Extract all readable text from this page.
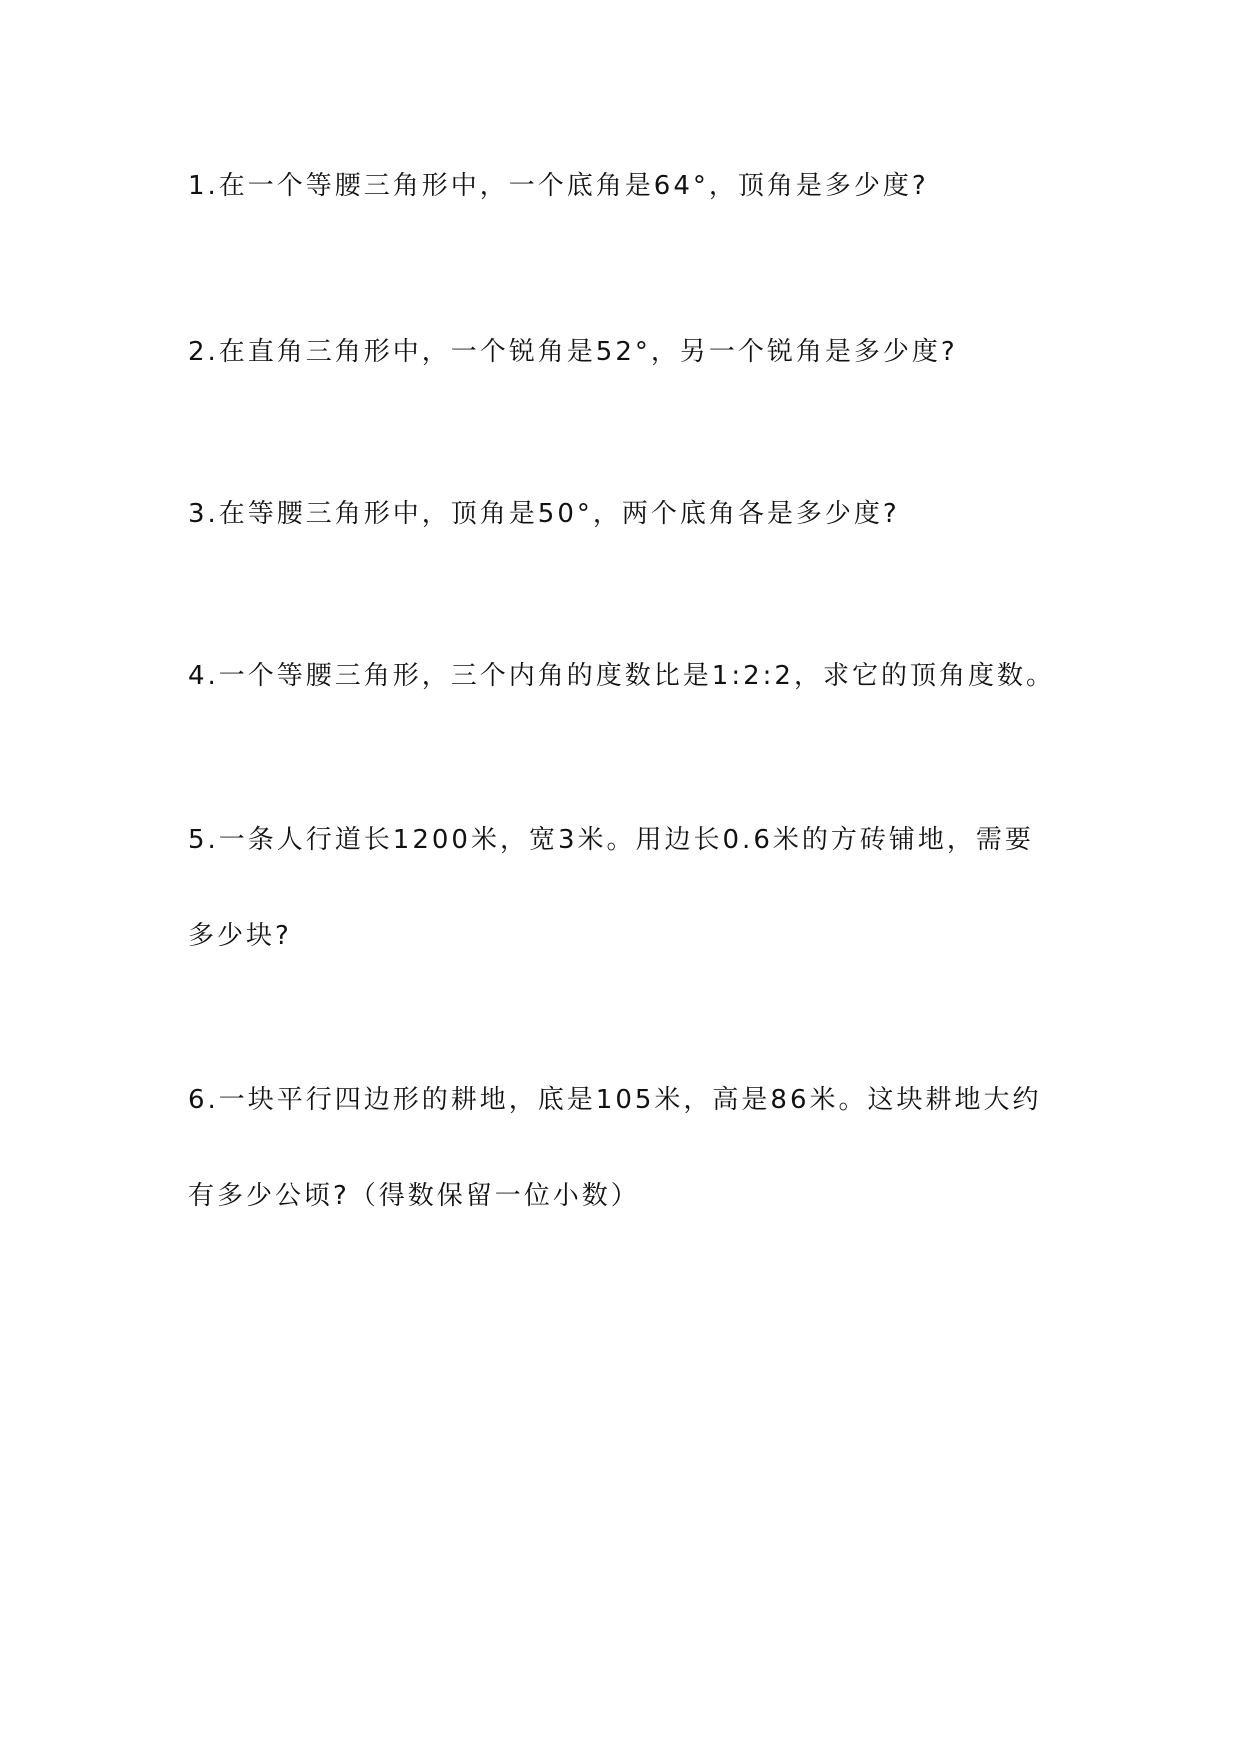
1.在一个等腰三角形中，一个底角是64°，顶角是多少度?
2.在直角三角形中，一个锐角是52°，另一个锐角是多少度?
3.在等腰三角形中，顶角是50°，两个底角各是多少度?
4.一个等腰三角形，三个内角的度数比是1:2:2，求它的顶角度数。
5.一条人行道长1200米，宽3米。用边长0.6米的方砖铺地，需要
多少块?
6.一块平行四边形的耕地，底是105米，高是86米。这块耕地大约
有多少公顷?（得数保留一位小数）
